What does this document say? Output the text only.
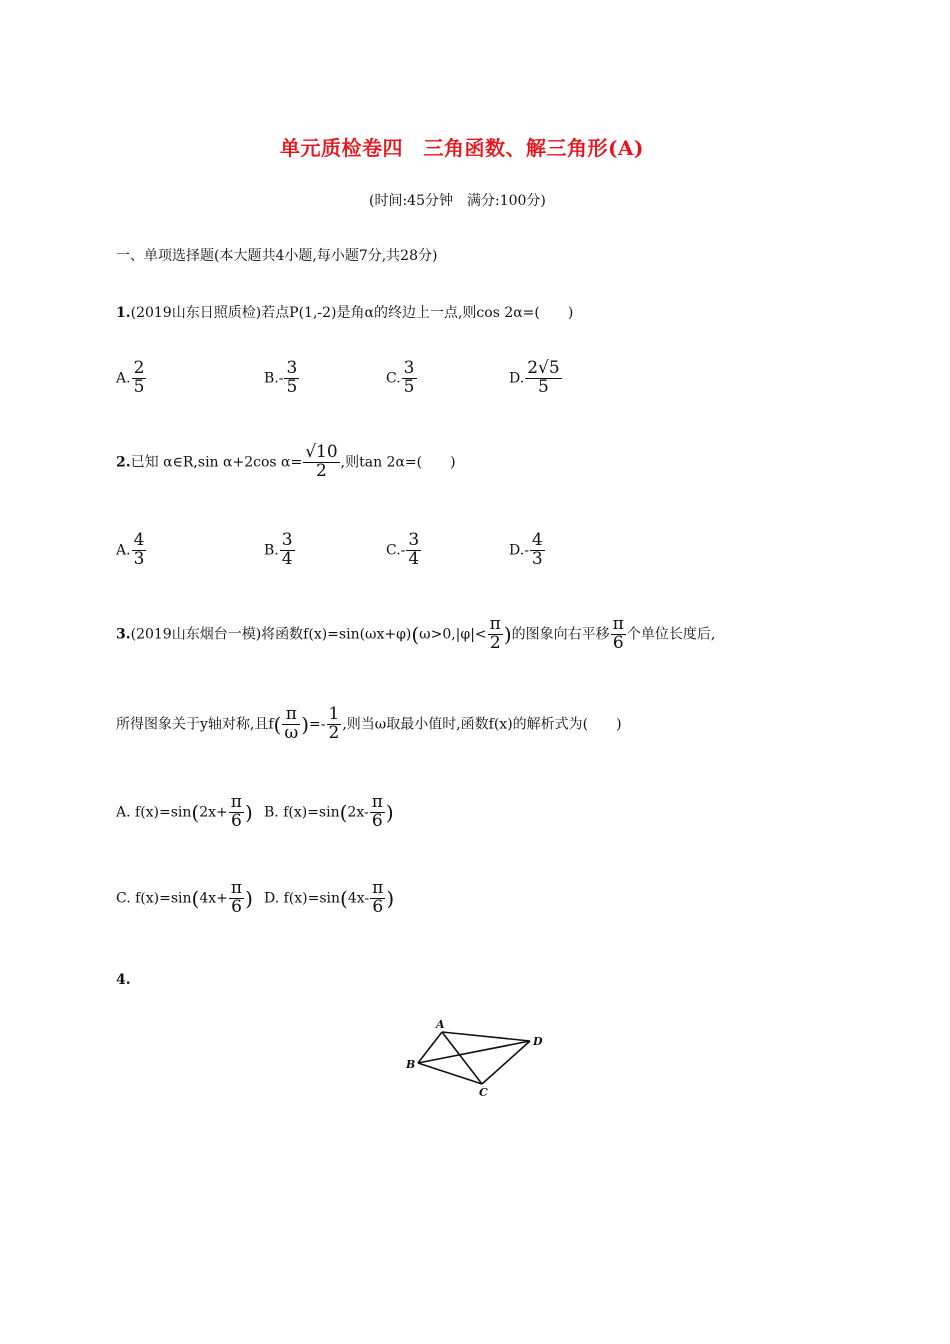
单元质检卷四　三角函数、解三角形(A)
(时间:45分钟　满分:100分)
一、单项选择题(本大题共4小题,每小题7分,共28分)
1.(2019山东日照质检)若点P(1,-2)是角α的终边上一点,则cos 2α=(　　)
A. $\frac{2}{5}$	$B.- \frac{3}{5}$	C. $\frac{3}{5}$	D. $\frac{2√5}{5}$
2.已知 α∈R,sin α+2cos $\alpha= \frac{√10}{2}$ ,则tan 2α=(　　)
A. $\frac{4}{3}$	B. $\frac{3}{4}$	$C.- \frac{3}{4}$	$D.- \frac{4}{3}$
3.(2019山东烟台一模)将函数$f(x)=\sin(\omega x+\varphi)(\omega>0,|\varphi|< \frac{\pi}{2}$ )的图象向右平移 $\frac{\pi}{6}$ 个单位长度后,
所得图象关于y轴对称,且$f( \frac{\pi}{\omega}$ )=- $\frac{1}{2}$ ,则当ω取最小值时,函数f(x)的解析式为(　　)
A. $f(x)=\sin(2x+ \frac{\pi}{6}$ ) B. $f(x)=\sin(2x- \frac{\pi}{6}$ )
C. $f(x)=\sin(4x+ \frac{\pi}{6}$ ) D. $f(x)=\sin(4x- \frac{\pi}{6}$ )
4.
A
B
C
D
